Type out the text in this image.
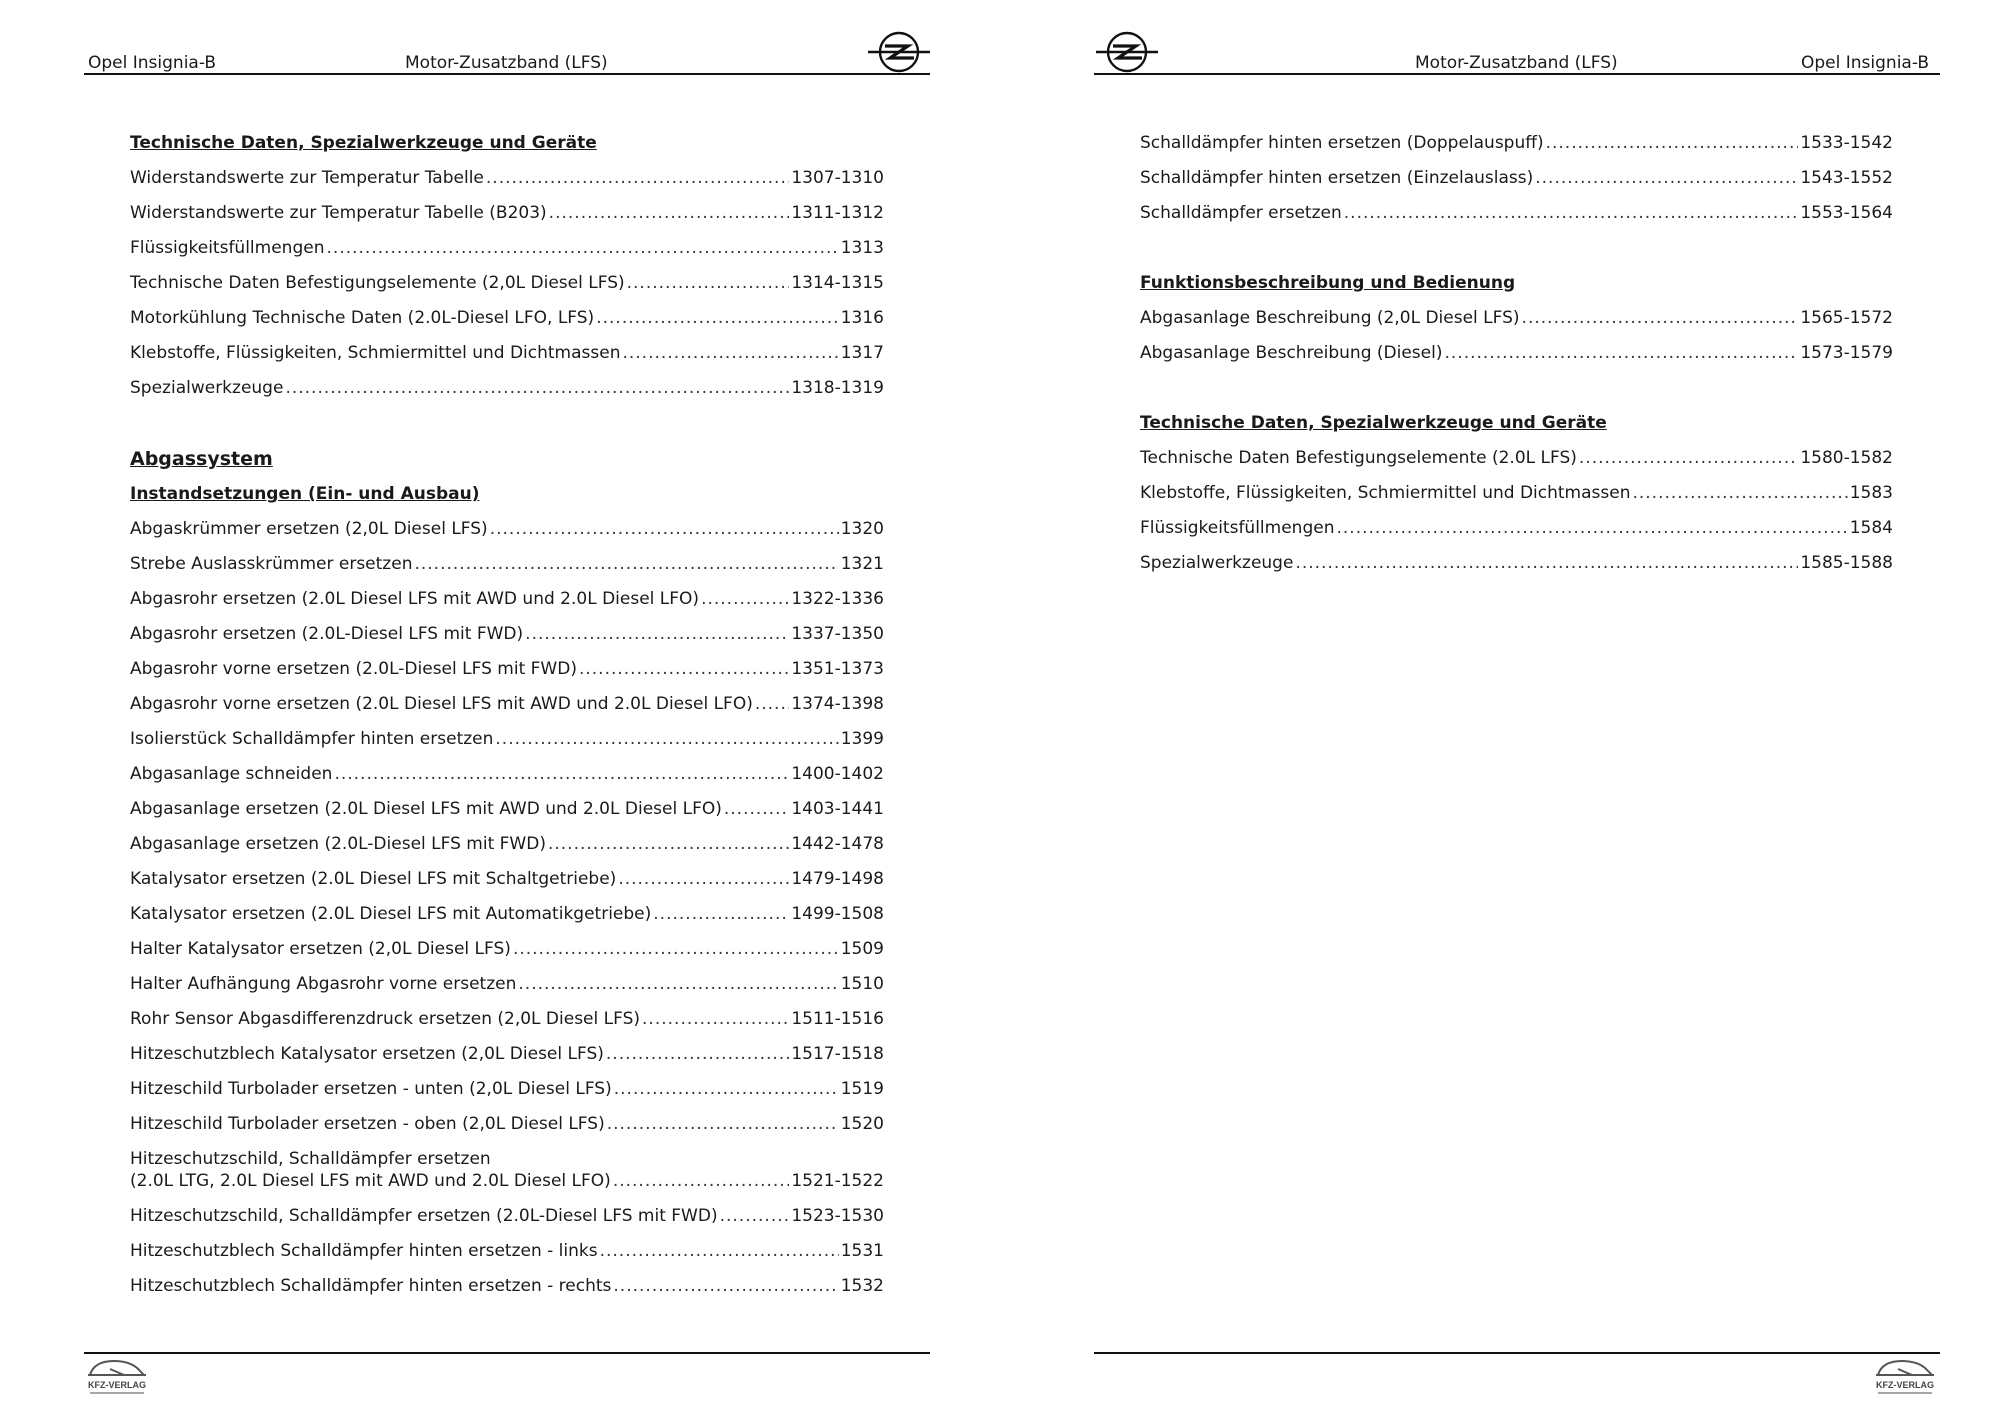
Opel Insignia-B	Motor-Zusatzband (LFS)
Technische Daten, Spezialwerkzeuge und Geräte
Widerstandswerte zur Temperatur Tabelle .....	1307-1310
Widerstandswerte zur Temperatur Tabelle (B203) .....	1311-1312
Flüssigkeitsfüllmengen .....	1313
Technische Daten Befestigungselemente (2,0L Diesel LFS) .....	1314-1315
Motorkühlung Technische Daten (2.0L-Diesel LFO, LFS) .....	1316
Klebstoffe, Flüssigkeiten, Schmiermittel und Dichtmassen .....	1317
Spezialwerkzeuge .....	1318-1319
Abgassystem
Instandsetzungen (Ein- und Ausbau)
Abgaskrümmer ersetzen (2,0L Diesel LFS) .....	1320
Strebe Auslasskrümmer ersetzen .....	1321
Abgasrohr ersetzen (2.0L Diesel LFS mit AWD und 2.0L Diesel LFO) .....	1322-1336
Abgasrohr ersetzen (2.0L-Diesel LFS mit FWD) .....	1337-1350
Abgasrohr vorne ersetzen (2.0L-Diesel LFS mit FWD) .....	1351-1373
Abgasrohr vorne ersetzen (2.0L Diesel LFS mit AWD und 2.0L Diesel LFO) ..... 1374-1398
Isolierstück Schalldämpfer hinten ersetzen .....	1399
Abgasanlage schneiden .....	1400-1402
Abgasanlage ersetzen (2.0L Diesel LFS mit AWD und 2.0L Diesel LFO) .....	1403-1441
Abgasanlage ersetzen (2.0L-Diesel LFS mit FWD) .....	1442-1478
Katalysator ersetzen (2.0L Diesel LFS mit Schaltgetriebe) .....	1479-1498
Katalysator ersetzen (2.0L Diesel LFS mit Automatikgetriebe) .....	1499-1508
Halter Katalysator ersetzen (2,0L Diesel LFS) .....	1509
Halter Aufhängung Abgasrohr vorne ersetzen .....	1510
Rohr Sensor Abgasdifferenzdruck ersetzen (2,0L Diesel LFS) .....	1511-1516
Hitzeschutzblech Katalysator ersetzen (2,0L Diesel LFS) .....	1517-1518
Hitzeschild Turbolader ersetzen - unten (2,0L Diesel LFS) .....	1519
Hitzeschild Turbolader ersetzen - oben (2,0L Diesel LFS) .....	1520
Hitzeschutzschild, Schalldämpfer ersetzen
(2.0L LTG, 2.0L Diesel LFS mit AWD und 2.0L Diesel LFO) .....	1521-1522
Hitzeschutzschild, Schalldämpfer ersetzen (2.0L-Diesel LFS mit FWD) .....	1523-1530
Hitzeschutzblech Schalldämpfer hinten ersetzen - links .....	1531
Hitzeschutzblech Schalldämpfer hinten ersetzen - rechts .....	1532
KFZ-VERLAG
Motor-Zusatzband (LFS)	Opel Insignia-B
Schalldämpfer hinten ersetzen (Doppelauspuff) .....	1533-1542
Schalldämpfer hinten ersetzen (Einzelauslass) .....	1543-1552
Schalldämpfer ersetzen .....	1553-1564
Funktionsbeschreibung und Bedienung
Abgasanlage Beschreibung (2,0L Diesel LFS) .....	1565-1572
Abgasanlage Beschreibung (Diesel) .....	1573-1579
Technische Daten, Spezialwerkzeuge und Geräte
Technische Daten Befestigungselemente (2.0L LFS) .....	1580-1582
Klebstoffe, Flüssigkeiten, Schmiermittel und Dichtmassen .....	1583
Flüssigkeitsfüllmengen .....	1584
Spezialwerkzeuge .....	1585-1588
KFZ-VERLAG
